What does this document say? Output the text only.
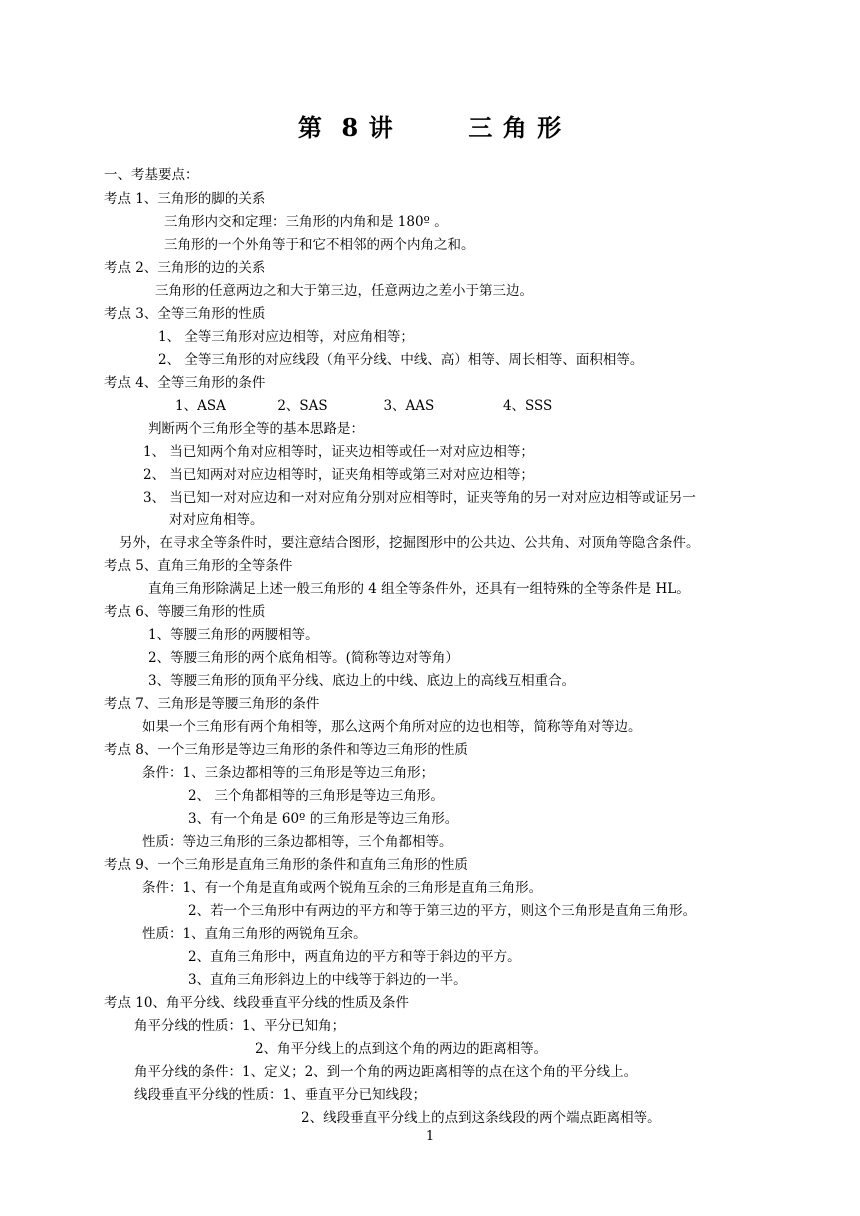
第  8 讲        三 角 形
一、考基要点：
考点 1、三角形的脚的关系
三角形内交和定理：三角形的内角和是 180º 。
三角形的一个外角等于和它不相邻的两个内角之和。
考点 2、三角形的边的关系
三角形的任意两边之和大于第三边，任意两边之差小于第三边。
考点 3、全等三角形的性质
1、 全等三角形对应边相等，对应角相等；
2、 全等三角形的对应线段（角平分线、中线、高）相等、周长相等、面积相等。
考点 4、全等三角形的条件
1、ASA            2、SAS             3、AAS                4、SSS
判断两个三角形全等的基本思路是：
1、 当已知两个角对应相等时，证夹边相等或任一对对应边相等；
2、 当已知两对对应边相等时，证夹角相等或第三对对应边相等；
3、 当已知一对对应边和一对对应角分别对应相等时，证夹等角的另一对对应边相等或证另一
对对应角相等。
另外，在寻求全等条件时，要注意结合图形，挖掘图形中的公共边、公共角、对顶角等隐含条件。
考点 5、直角三角形的全等条件
直角三角形除满足上述一般三角形的 4 组全等条件外，还具有一组特殊的全等条件是 HL。
考点 6、等腰三角形的性质
1、等腰三角形的两腰相等。
2、等腰三角形的两个底角相等。(简称等边对等角）
3、等腰三角形的顶角平分线、底边上的中线、底边上的高线互相重合。
考点 7、三角形是等腰三角形的条件
如果一个三角形有两个角相等，那么这两个角所对应的边也相等，简称等角对等边。
考点 8、一个三角形是等边三角形的条件和等边三角形的性质
条件：1、三条边都相等的三角形是等边三角形；
2、 三个角都相等的三角形是等边三角形。
3、有一个角是 60º 的三角形是等边三角形。
性质：等边三角形的三条边都相等，三个角都相等。
考点 9、一个三角形是直角三角形的条件和直角三角形的性质
条件：1、有一个角是直角或两个锐角互余的三角形是直角三角形。
2、若一个三角形中有两边的平方和等于第三边的平方，则这个三角形是直角三角形。
性质：1、直角三角形的两锐角互余。
2、直角三角形中，两直角边的平方和等于斜边的平方。
3、直角三角形斜边上的中线等于斜边的一半。
考点 10、角平分线、线段垂直平分线的性质及条件
角平分线的性质：1、平分已知角；
2、角平分线上的点到这个角的两边的距离相等。
角平分线的条件：1、定义；2、到一个角的两边距离相等的点在这个角的平分线上。
线段垂直平分线的性质：1、垂直平分已知线段；
2、线段垂直平分线上的点到这条线段的两个端点距离相等。
1
